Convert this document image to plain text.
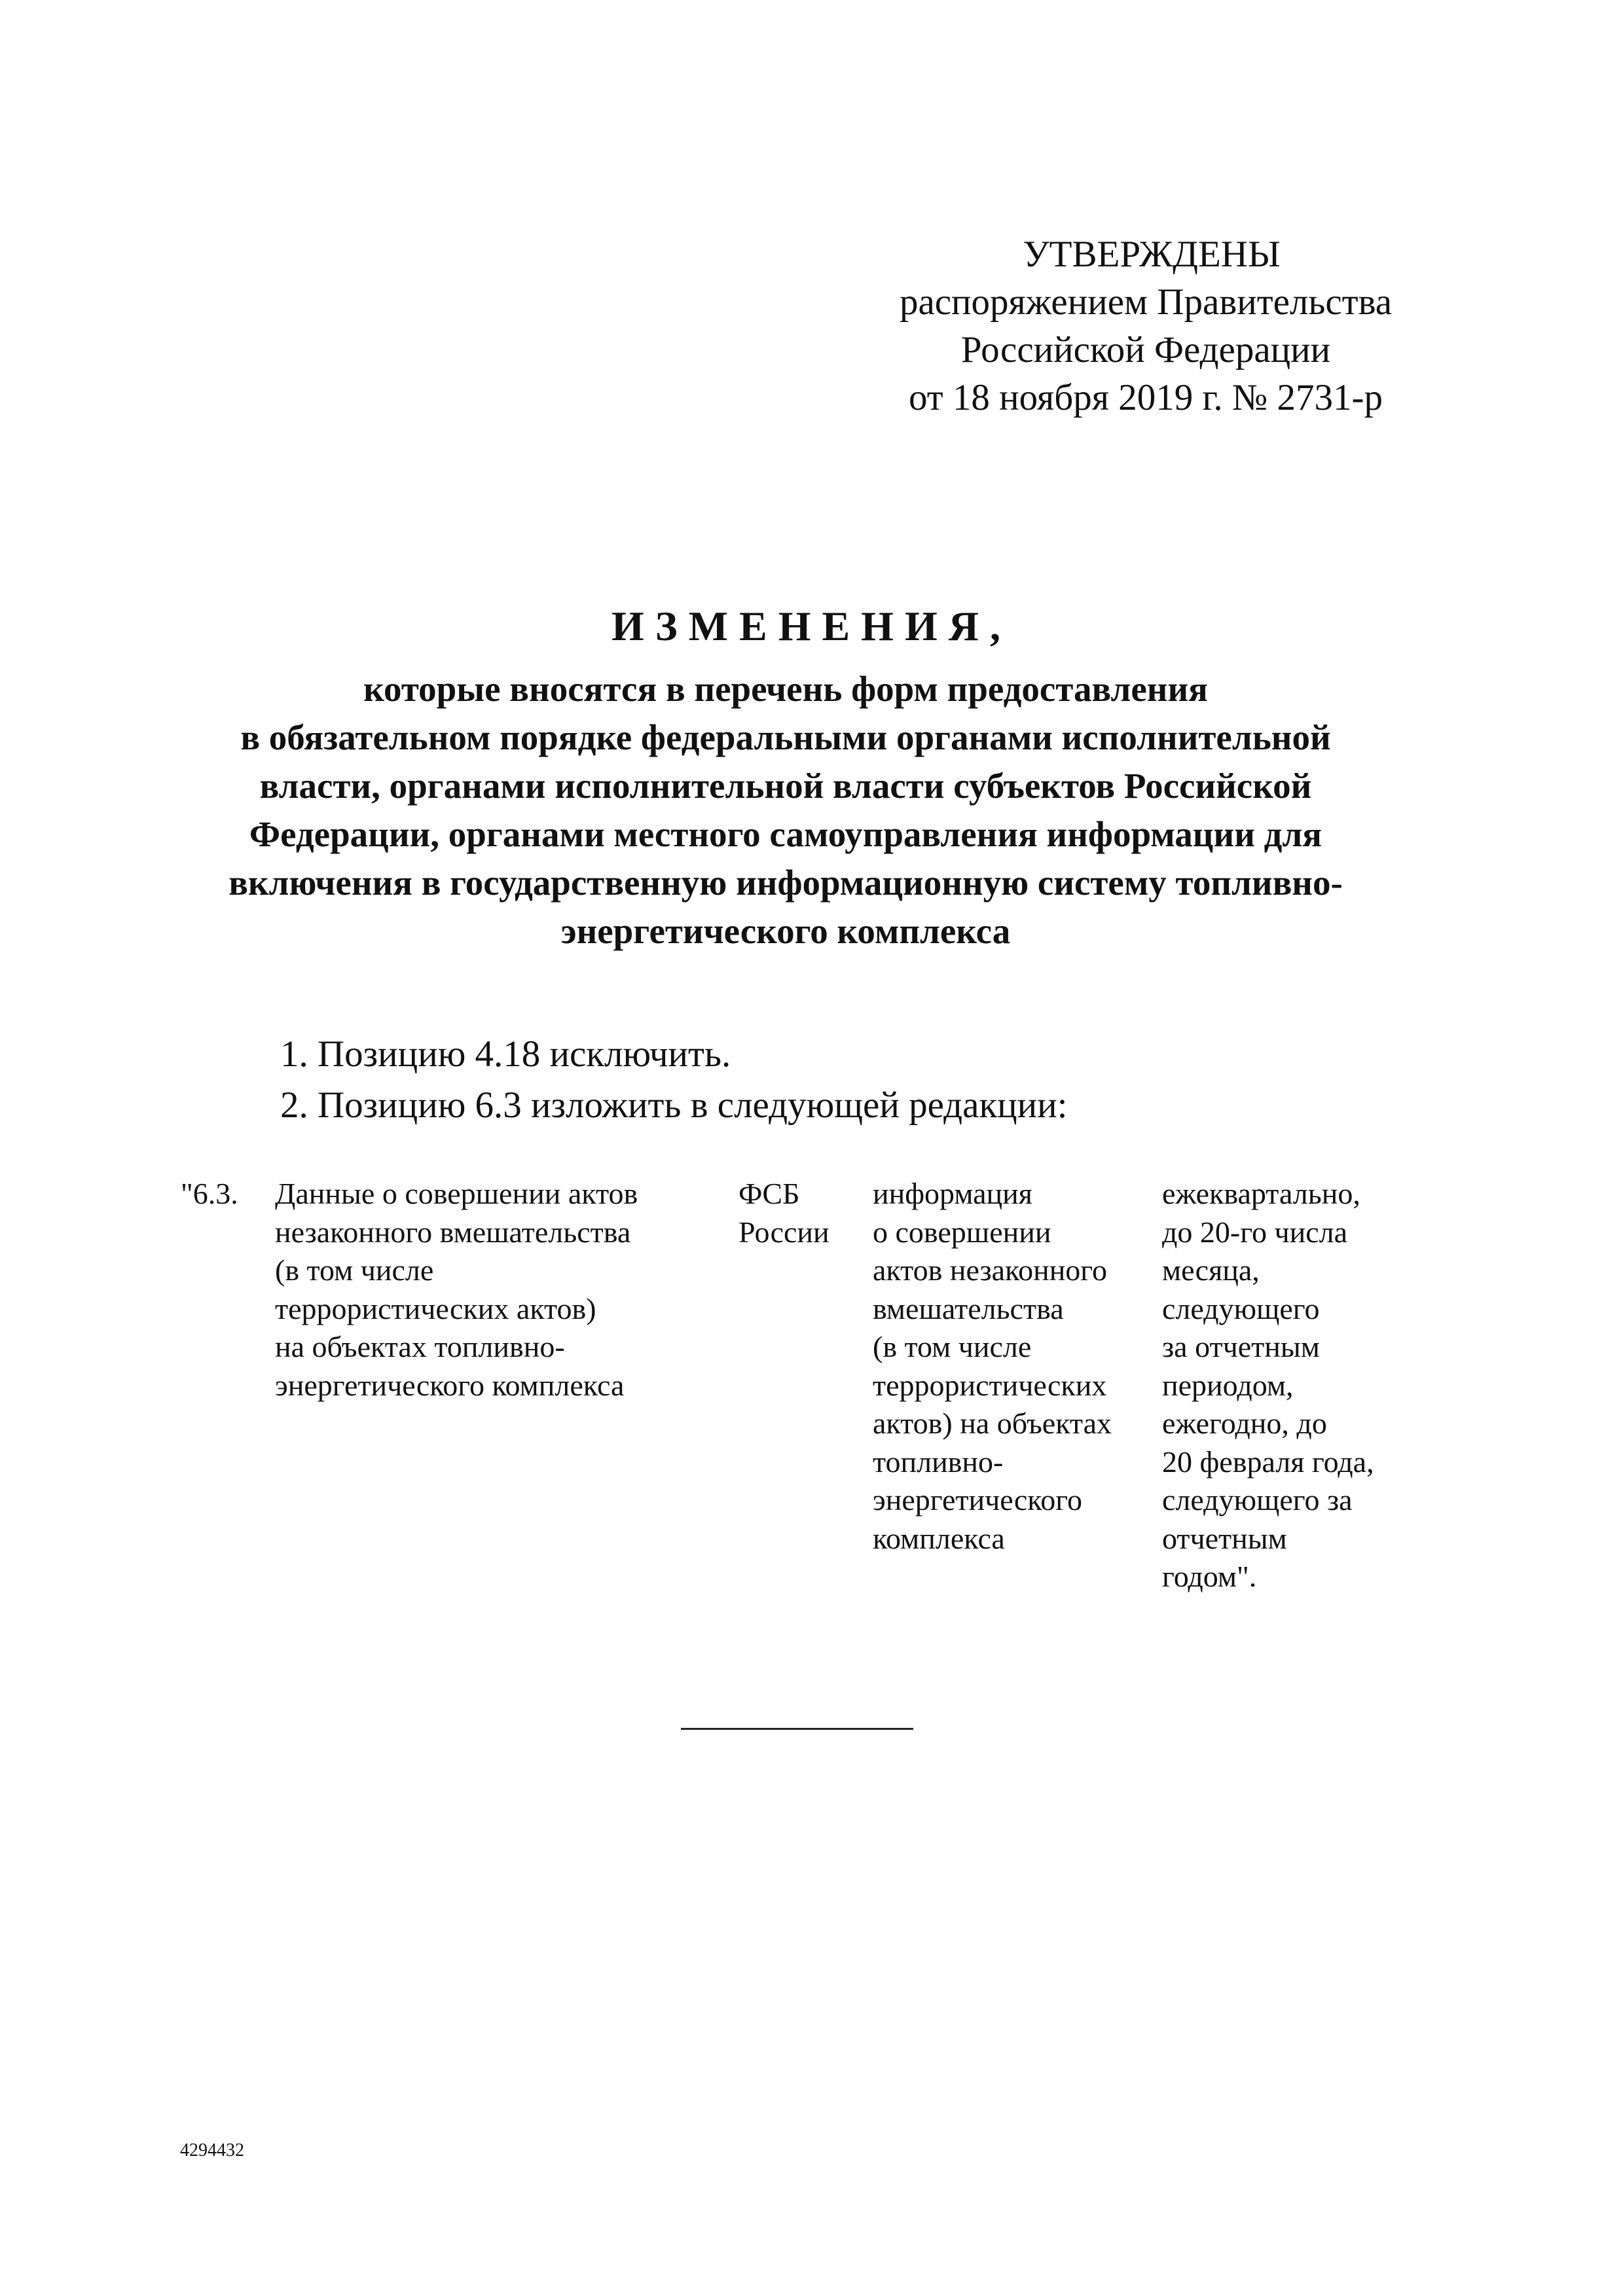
УТВЕРЖДЕНЫ
распоряжением Правительства
Российской Федерации
от 18 ноября 2019 г. № 2731-р
ИЗМЕНЕНИЯ,
которые вносятся в перечень форм предоставления
в обязательном порядке федеральными органами исполнительной
власти, органами исполнительной власти субъектов Российской
Федерации, органами местного самоуправления информации для
включения в государственную информационную систему топливно-
энергетического комплекса
1. Позицию 4.18 исключить.
2. Позицию 6.3 изложить в следующей редакции:
"6.3. Данные о совершении актов
незаконного вмешательства
(в том числе
террористических актов)
на объектах топливно-
энергетического комплекса
ФСБ
России
информация
о совершении
актов незаконного
вмешательства
(в том числе
террористических
актов) на объектах
топливно-
энергетического
комплекса
ежеквартально,
до 20-го числа
месяца,
следующего
за отчетным
периодом,
ежегодно, до
20 февраля года,
следующего за
отчетным
годом".
4294432
